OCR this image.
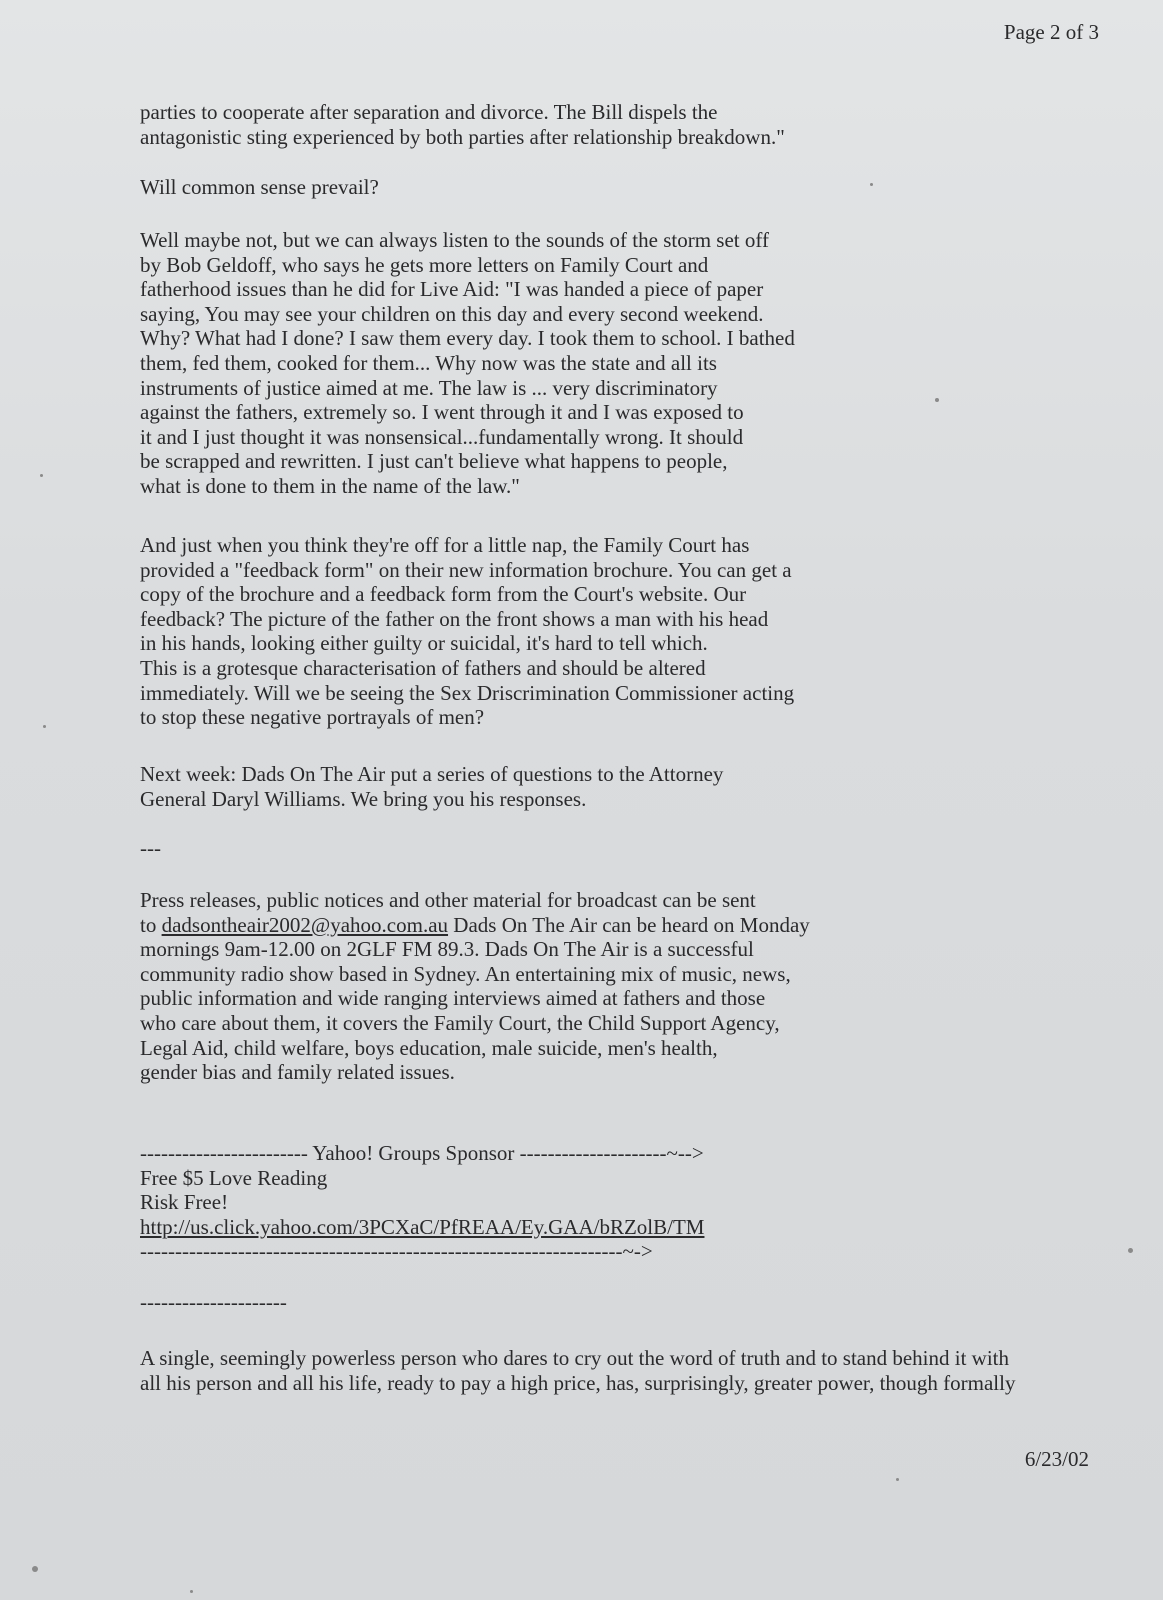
Page 2 of 3
parties to cooperate after separation and divorce. The Bill dispels the
antagonistic sting experienced by both parties after relationship breakdown."
Will common sense prevail?
Well maybe not, but we can always listen to the sounds of the storm set off
by Bob Geldoff, who says he gets more letters on Family Court and
fatherhood issues than he did for Live Aid: "I was handed a piece of paper
saying, You may see your children on this day and every second weekend.
Why? What had I done? I saw them every day. I took them to school. I bathed
them, fed them, cooked for them... Why now was the state and all its
instruments of justice aimed at me. The law is ... very discriminatory
against the fathers, extremely so. I went through it and I was exposed to
it and I just thought it was nonsensical...fundamentally wrong. It should
be scrapped and rewritten. I just can't believe what happens to people,
what is done to them in the name of the law."
And just when you think they're off for a little nap, the Family Court has
provided a "feedback form" on their new information brochure. You can get a
copy of the brochure and a feedback form from the Court's website. Our
feedback? The picture of the father on the front shows a man with his head
in his hands, looking either guilty or suicidal, it's hard to tell which.
This is a grotesque characterisation of fathers and should be altered
immediately. Will we be seeing the Sex Driscrimination Commissioner acting
to stop these negative portrayals of men?
Next week: Dads On The Air put a series of questions to the Attorney
General Daryl Williams. We bring you his responses.
---
Press releases, public notices and other material for broadcast can be sent
to dadsontheair2002@yahoo.com.au Dads On The Air can be heard on Monday
mornings 9am-12.00 on 2GLF FM 89.3. Dads On The Air is a successful
community radio show based in Sydney. An entertaining mix of music, news,
public information and wide ranging interviews aimed at fathers and those
who care about them, it covers the Family Court, the Child Support Agency,
Legal Aid, child welfare, boys education, male suicide, men's health,
gender bias and family related issues.
------------------------ Yahoo! Groups Sponsor ---------------------~-->
Free $5 Love Reading
Risk Free!
http://us.click.yahoo.com/3PCXaC/PfREAA/Ey.GAA/bRZolB/TM
---------------------------------------------------------------------~->
---------------------
A single, seemingly powerless person who dares to cry out the word of truth and to stand behind it with
all his person and all his life, ready to pay a high price, has, surprisingly, greater power, though formally
6/23/02
